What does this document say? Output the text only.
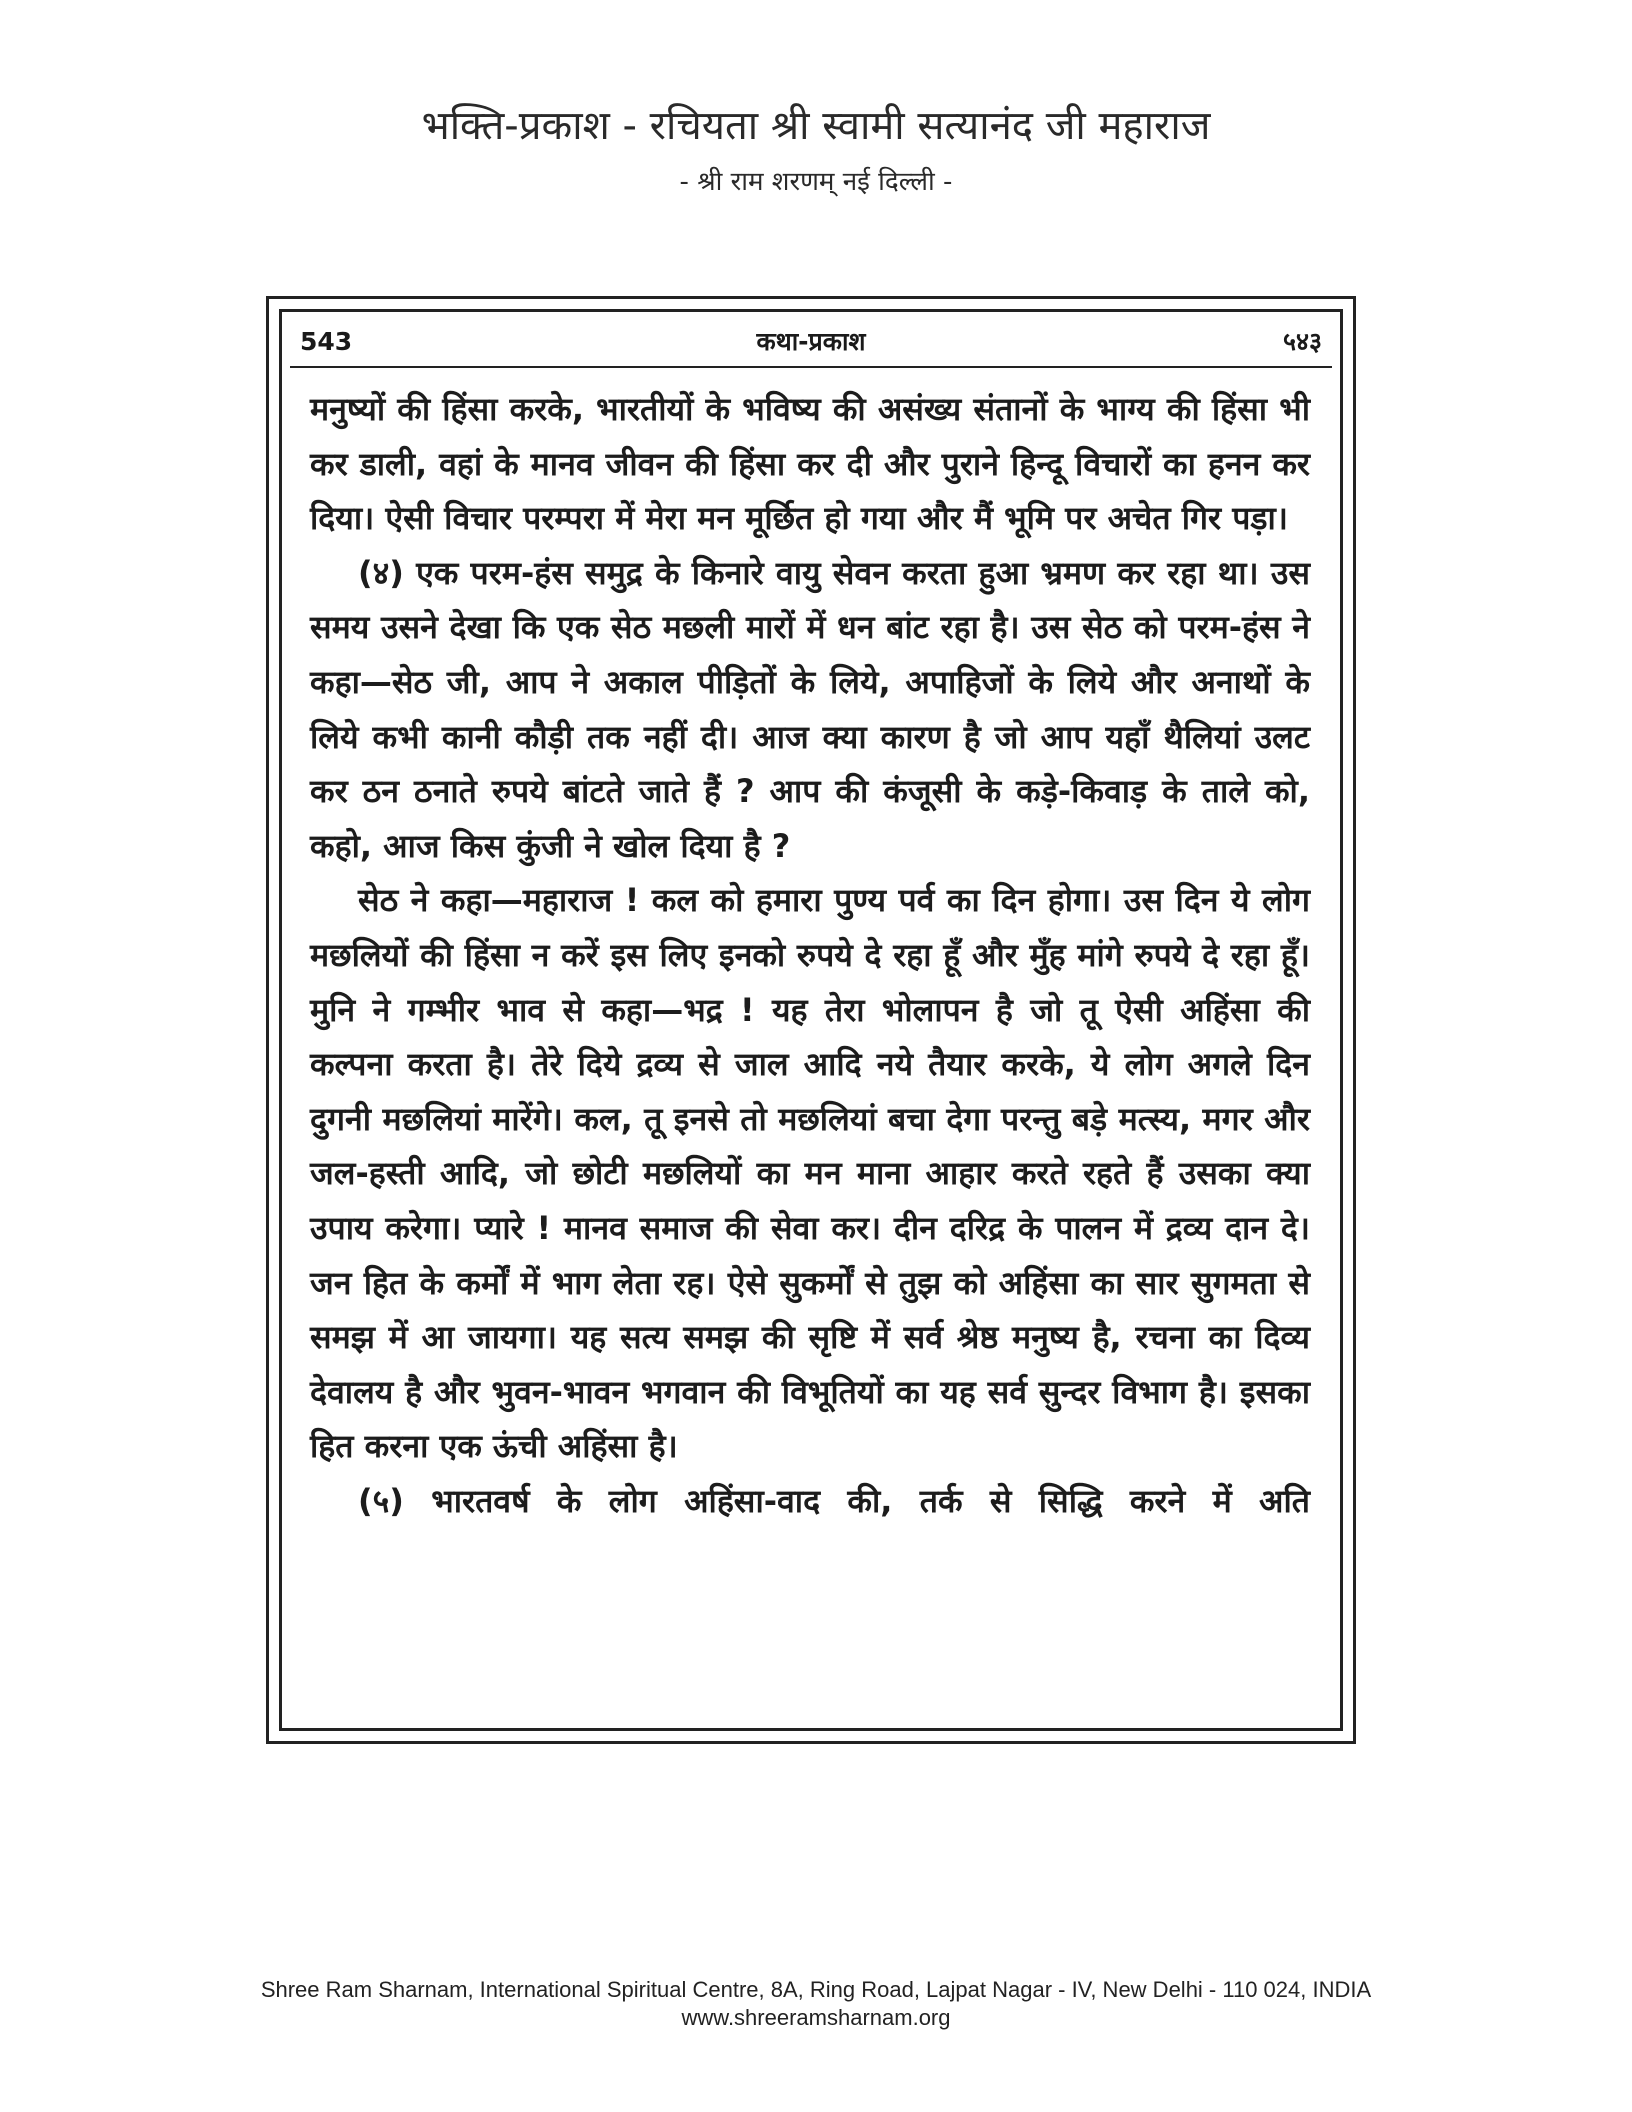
भक्ति-प्रकाश - रचियता श्री स्वामी सत्यानंद जी महाराज
- श्री राम शरणम् नई दिल्ली -
543	कथा-प्रकाश	५४३

मनुष्यों की हिंसा करके, भारतीयों के भविष्य की असंख्य संतानों के भाग्य की हिंसा भी कर डाली, वहां के मानव जीवन की हिंसा कर दी और पुराने हिन्दू विचारों का हनन कर दिया। ऐसी विचार परम्परा में मेरा मन मूर्छित हो गया और मैं भूमि पर अचेत गिर पड़ा।

(४) एक परम-हंस समुद्र के किनारे वायु सेवन करता हुआ भ्रमण कर रहा था। उस समय उसने देखा कि एक सेठ मछली मारों में धन बांट रहा है। उस सेठ को परम-हंस ने कहा—सेठ जी, आप ने अकाल पीड़ितों के लिये, अपाहिजों के लिये और अनाथों के लिये कभी कानी कौड़ी तक नहीं दी। आज क्या कारण है जो आप यहाँ थैलियां उलट कर ठन ठनाते रुपये बांटते जाते हैं ? आप की कंजूसी के कड़े-किवाड़ के ताले को, कहो, आज किस कुंजी ने खोल दिया है ?

सेठ ने कहा—महाराज ! कल को हमारा पुण्य पर्व का दिन होगा। उस दिन ये लोग मछलियों की हिंसा न करें इस लिए इनको रुपये दे रहा हूँ और मुँह मांगे रुपये दे रहा हूँ। मुनि ने गम्भीर भाव से कहा—भद्र ! यह तेरा भोलापन है जो तू ऐसी अहिंसा की कल्पना करता है। तेरे दिये द्रव्य से जाल आदि नये तैयार करके, ये लोग अगले दिन दुगनी मछलियां मारेंगे। कल, तू इनसे तो मछलियां बचा देगा परन्तु बड़े मत्स्य, मगर और जल-हस्ती आदि, जो छोटी मछलियों का मन माना आहार करते रहते हैं उसका क्या उपाय करेगा। प्यारे ! मानव समाज की सेवा कर। दीन दरिद्र के पालन में द्रव्य दान दे। जन हित के कर्मों में भाग लेता रह। ऐसे सुकर्मों से तुझ को अहिंसा का सार सुगमता से समझ में आ जायगा। यह सत्य समझ की सृष्टि में सर्व श्रेष्ठ मनुष्य है, रचना का दिव्य देवालय है और भुवन-भावन भगवान की विभूतियों का यह सर्व सुन्दर विभाग है। इसका हित करना एक ऊंची अहिंसा है।

(५) भारतवर्ष के लोग अहिंसा-वाद की, तर्क से सिद्धि करने में अति

Shree Ram Sharnam, International Spiritual Centre, 8A, Ring Road, Lajpat Nagar - IV, New Delhi - 110 024, INDIA
www.shreeramsharnam.org
